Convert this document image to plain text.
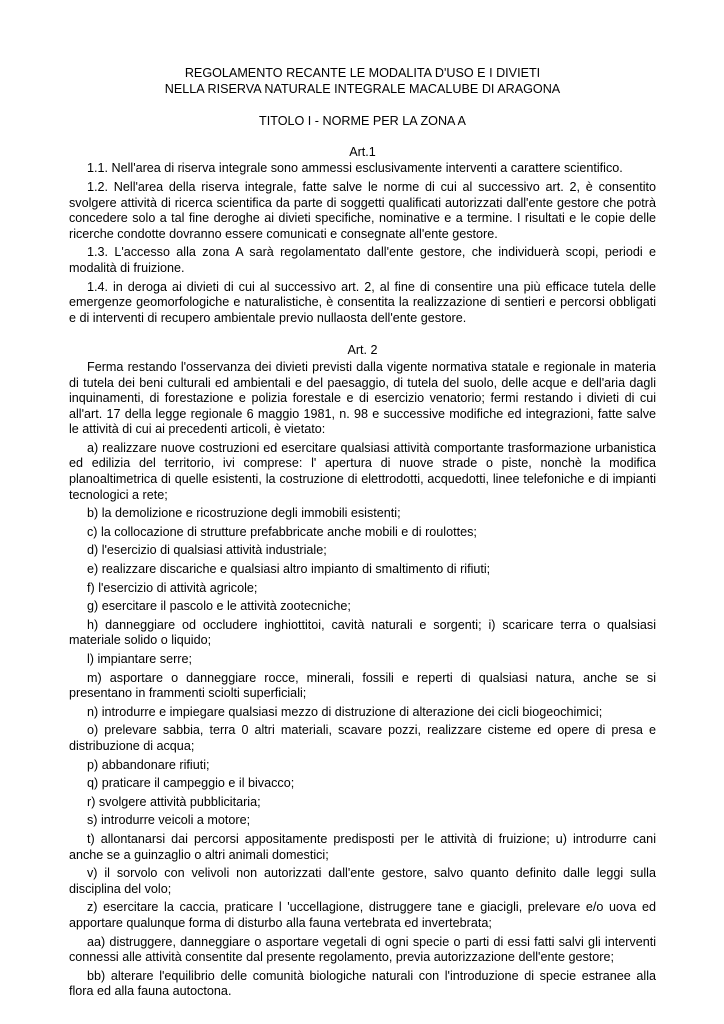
REGOLAMENTO RECANTE LE MODALITA D'USO E I DIVIETI

NELLA RISERVA NATURALE INTEGRALE MACALUBE DI ARAGONA

TITOLO I - NORME PER LA ZONA A

Art.1

1.1. Nell'area di riserva integrale sono ammessi esclusivamente interventi a carattere scientifico.

1.2. Nell'area della riserva integrale, fatte salve le norme di cui al successivo art. 2, è consentito svolgere attività di ricerca scientifica da parte di soggetti qualificati autorizzati dall'ente gestore che potrà concedere solo a tal fine deroghe ai divieti specifiche, nominative e a termine. I risultati e le copie delle ricerche condotte dovranno essere comunicati e consegnate all'ente gestore.

1.3. L'accesso alla zona A sarà regolamentato dall'ente gestore, che individuerà scopi, periodi e modalità di fruizione.

1.4. in deroga ai divieti di cui al successivo art. 2, al fine di consentire una più efficace tutela delle emergenze geomorfologiche e naturalistiche, è consentita la realizzazione di sentieri e percorsi obbligati e di interventi di recupero ambientale previo nullaosta dell'ente gestore.

Art. 2

Ferma restando l'osservanza dei divieti previsti dalla vigente normativa statale e regionale in materia di tutela dei beni culturali ed ambientali e del paesaggio, di tutela del suolo, delle acque e dell'aria dagli inquinamenti, di forestazione e polizia forestale e di esercizio venatorio; fermi restando i divieti di cui all'art. 17 della legge regionale 6 maggio 1981, n. 98 e successive modifiche ed integrazioni, fatte salve le attività di cui ai precedenti articoli, è vietato:

a) realizzare nuove costruzioni ed esercitare qualsiasi attività comportante trasformazione urbanistica ed edilizia del territorio, ivi comprese: l' apertura di nuove strade o piste, nonchè la modifica planoaltimetrica di quelle esistenti, la costruzione di elettrodotti, acquedotti, linee telefoniche e di impianti tecnologici a rete;

b) la demolizione e ricostruzione degli immobili esistenti;

c) la collocazione di strutture prefabbricate anche mobili e di roulottes;

d) l'esercizio di qualsiasi attività industriale;

e) realizzare discariche e qualsiasi altro impianto di smaltimento di rifiuti;

f) l'esercizio di attività agricole;

g) esercitare il pascolo e le attività zootecniche;

h) danneggiare od occludere inghiottitoi, cavità naturali e sorgenti; i) scaricare terra o qualsiasi materiale solido o liquido;

l) impiantare serre;

m) asportare o danneggiare rocce, minerali, fossili e reperti di qualsiasi natura, anche se si presentano in frammenti sciolti superficiali;

n) introdurre e impiegare qualsiasi mezzo di distruzione di alterazione dei cicli biogeochimici;

o) prelevare sabbia, terra 0 altri materiali, scavare pozzi, realizzare cisteme ed opere di presa e distribuzione di acqua;

p) abbandonare rifiuti;

q) praticare il campeggio e il bivacco;

r) svolgere attività pubblicitaria;

s) introdurre veicoli a motore;

t) allontanarsi dai percorsi appositamente predisposti per le attività di fruizione; u) introdurre cani anche se a guinzaglio o altri animali domestici;

v) il sorvolo con velivoli non autorizzati dall'ente gestore, salvo quanto definito dalle leggi sulla disciplina del volo;

z) esercitare la caccia, praticare l 'uccellagione, distruggere tane e giacigli, prelevare e/o uova ed apportare qualunque forma di disturbo alla fauna vertebrata ed invertebrata;

aa) distruggere, danneggiare o asportare vegetali di ogni specie o parti di essi fatti salvi gli interventi connessi alle attività consentite dal presente regolamento, previa autorizzazione dell'ente gestore;

bb) alterare l'equilibrio delle comunità biologiche naturali con l'introduzione di specie estranee alla flora ed alla fauna autoctona.
